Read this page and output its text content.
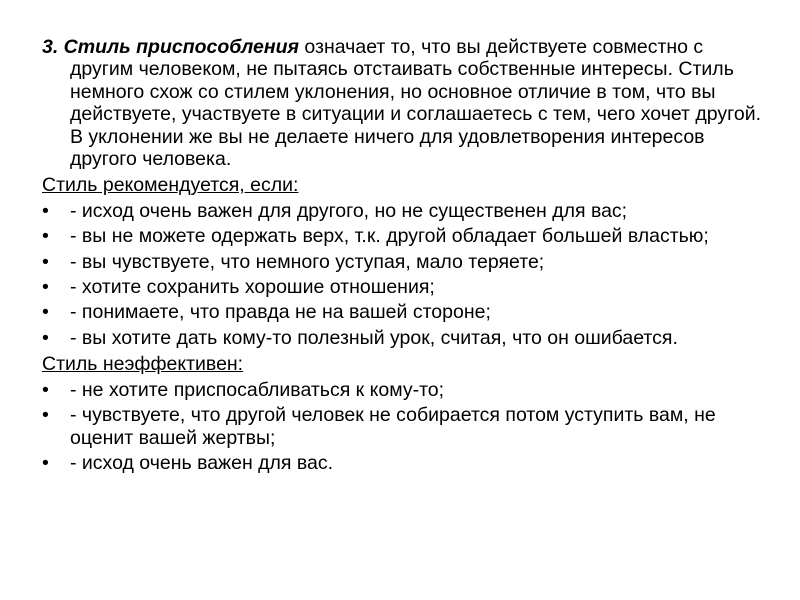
3. Стиль приспособления означает то, что вы действуете совместно с другим человеком, не пытаясь отстаивать собственные интересы. Стиль немного схож со стилем уклонения, но основное отличие в том, что вы действуете, участвуете в ситуации и соглашаетесь с тем, чего хочет другой. В уклонении же вы не делаете ничего для удовлетворения интересов другого человека.

Стиль рекомендуется, если:
•	- исход очень важен для другого, но не существенен для вас;
•	- вы не можете одержать верх, т.к. другой обладает большей властью;
•	- вы чувствуете, что немного уступая, мало теряете;
•	- хотите сохранить хорошие отношения;
•	- понимаете, что правда не на вашей стороне;
•	- вы хотите дать кому-то полезный урок, считая, что он ошибается.
Стиль неэффективен:
•	- не хотите приспосабливаться к кому-то;
•	- чувствуете, что другой человек не собирается потом уступить вам, не оценит вашей жертвы;
•	- исход очень важен для вас.
